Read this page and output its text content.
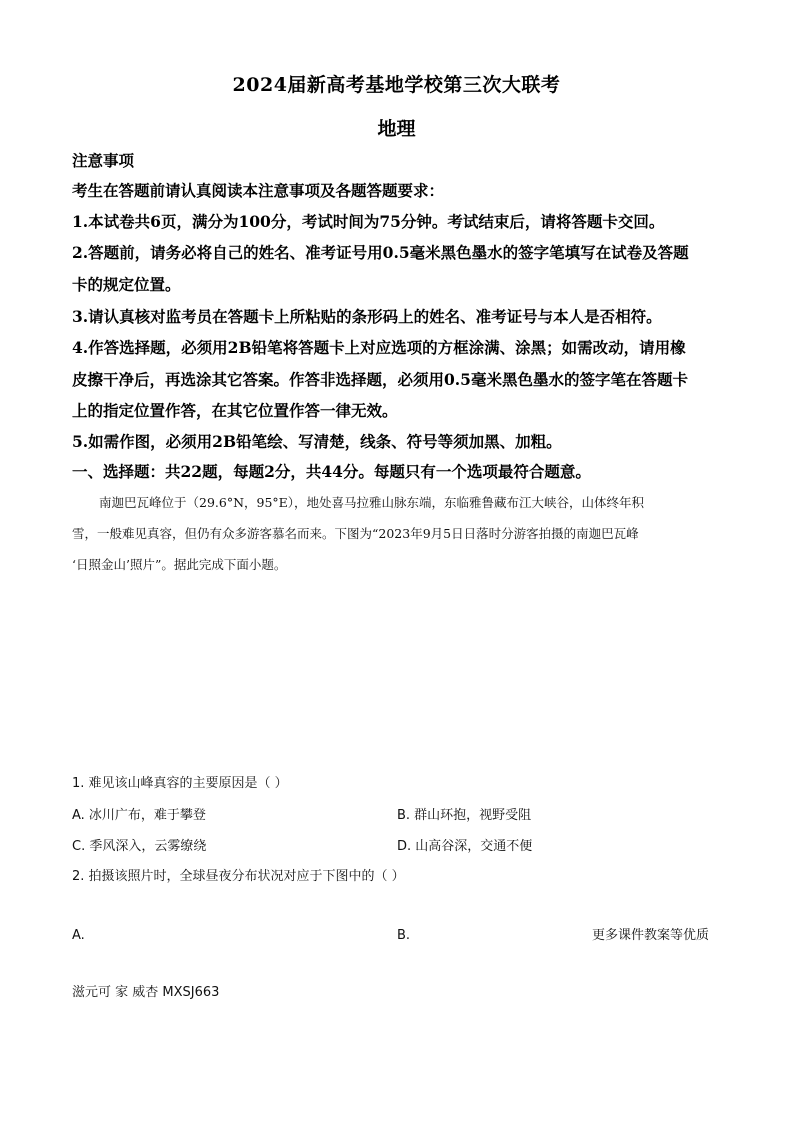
2024届新高考基地学校第三次大联考
地理
注意事项
考生在答题前请认真阅读本注意事项及各题答题要求：
1.本试卷共6页，满分为100分，考试时间为75分钟。考试结束后，请将答题卡交回。
2.答题前，请务必将自己的姓名、准考证号用0.5毫米黑色墨水的签字笔填写在试卷及答题
卡的规定位置。
3.请认真核对监考员在答题卡上所粘贴的条形码上的姓名、准考证号与本人是否相符。
4.作答选择题，必须用2B铅笔将答题卡上对应选项的方框涂满、涂黑；如需改动，请用橡
皮擦干净后，再选涂其它答案。作答非选择题，必须用0.5毫米黑色墨水的签字笔在答题卡
上的指定位置作答，在其它位置作答一律无效。
5.如需作图，必须用2B铅笔绘、写清楚，线条、符号等须加黑、加粗。
一、选择题：共22题，每题2分，共44分。每题只有一个选项最符合题意。
南迦巴瓦峰位于（29.6°N，95°E），地处喜马拉雅山脉东端，东临雅鲁藏布江大峡谷，山体终年积
雪，一般难见真容，但仍有众多游客慕名而来。下图为“2023年9月5日日落时分游客拍摄的南迦巴瓦峰
‘日照金山’照片”。据此完成下面小题。
1. 难见该山峰真容的主要原因是（ ）
A. 冰川广布，难于攀登	B. 群山环抱，视野受阻
C. 季风深入，云雾缭绕	D. 山高谷深，交通不便
2. 拍摄该照片时，全球昼夜分布状况对应于下图中的（ ）
A.	B.	更多课件教案等优质
滋元可 家 威杏 MXSJ663
